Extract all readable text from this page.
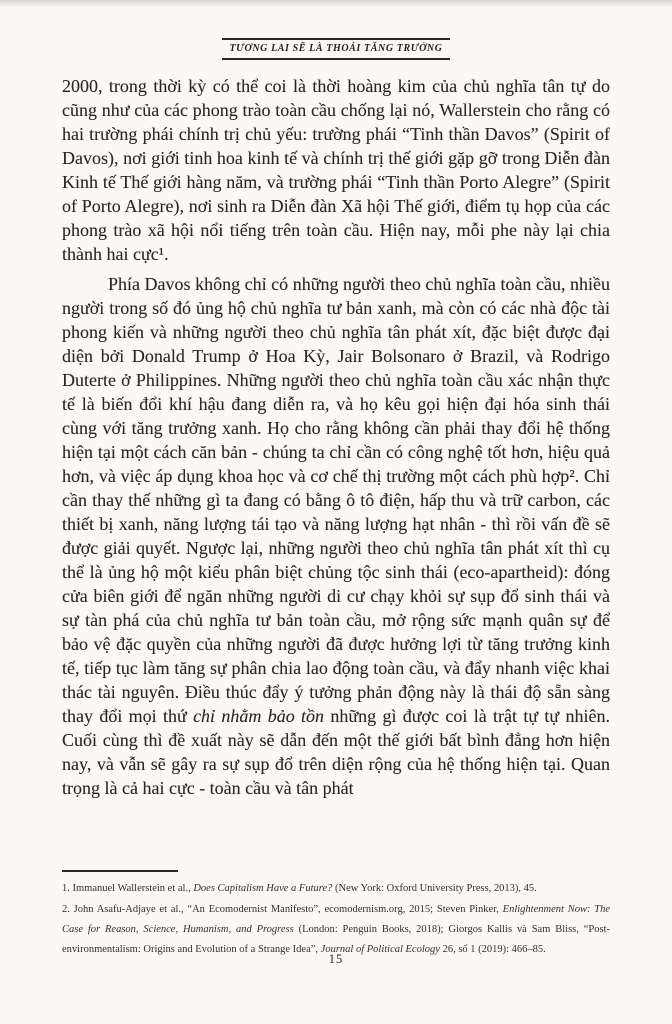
TƯƠNG LAI SẼ LÀ THOÁI TĂNG TRƯỞNG

2000, trong thời kỳ có thể coi là thời hoàng kim của chủ nghĩa tân tự do cũng như của các phong trào toàn cầu chống lại nó, Wallerstein cho rằng có hai trường phái chính trị chủ yếu: trường phái “Tinh thần Davos” (Spirit of Davos), nơi giới tinh hoa kinh tế và chính trị thế giới gặp gỡ trong Diễn đàn Kinh tế Thế giới hàng năm, và trường phái “Tinh thần Porto Alegre” (Spirit of Porto Alegre), nơi sinh ra Diễn đàn Xã hội Thế giới, điểm tụ họp của các phong trào xã hội nổi tiếng trên toàn cầu. Hiện nay, mỗi phe này lại chia thành hai cực¹.

Phía Davos không chỉ có những người theo chủ nghĩa toàn cầu, nhiều người trong số đó ủng hộ chủ nghĩa tư bản xanh, mà còn có các nhà độc tài phong kiến và những người theo chủ nghĩa tân phát xít, đặc biệt được đại diện bởi Donald Trump ở Hoa Kỳ, Jair Bolsonaro ở Brazil, và Rodrigo Duterte ở Philippines. Những người theo chủ nghĩa toàn cầu xác nhận thực tế là biến đổi khí hậu đang diễn ra, và họ kêu gọi hiện đại hóa sinh thái cùng với tăng trưởng xanh. Họ cho rằng không cần phải thay đổi hệ thống hiện tại một cách căn bản - chúng ta chỉ cần có công nghệ tốt hơn, hiệu quả hơn, và việc áp dụng khoa học và cơ chế thị trường một cách phù hợp². Chỉ cần thay thế những gì ta đang có bằng ô tô điện, hấp thu và trữ carbon, các thiết bị xanh, năng lượng tái tạo và năng lượng hạt nhân - thì rồi vấn đề sẽ được giải quyết. Ngược lại, những người theo chủ nghĩa tân phát xít thì cụ thể là ủng hộ một kiểu phân biệt chủng tộc sinh thái (eco-apartheid): đóng cửa biên giới để ngăn những người di cư chạy khỏi sự sụp đổ sinh thái và sự tàn phá của chủ nghĩa tư bản toàn cầu, mở rộng sức mạnh quân sự để bảo vệ đặc quyền của những người đã được hưởng lợi từ tăng trưởng kinh tế, tiếp tục làm tăng sự phân chia lao động toàn cầu, và đẩy nhanh việc khai thác tài nguyên. Điều thúc đẩy ý tưởng phản động này là thái độ sẵn sàng thay đổi mọi thứ chỉ nhằm bảo tồn những gì được coi là trật tự tự nhiên. Cuối cùng thì đề xuất này sẽ dẫn đến một thế giới bất bình đẳng hơn hiện nay, và vẫn sẽ gây ra sự sụp đổ trên diện rộng của hệ thống hiện tại. Quan trọng là cả hai cực - toàn cầu và tân phát

1. Immanuel Wallerstein et al., Does Capitalism Have a Future? (New York: Oxford University Press, 2013), 45.

2. John Asafu-Adjaye et al., “An Ecomodernist Manifesto”, ecomodernism.org, 2015; Steven Pinker, Enlightenment Now: The Case for Reason, Science, Humanism, and Progress (London: Penguin Books, 2018); Giorgos Kallis và Sam Bliss, “Post-environmentalism: Origins and Evolution of a Strange Idea”, Journal of Political Ecology 26, số 1 (2019): 466–85.

15
